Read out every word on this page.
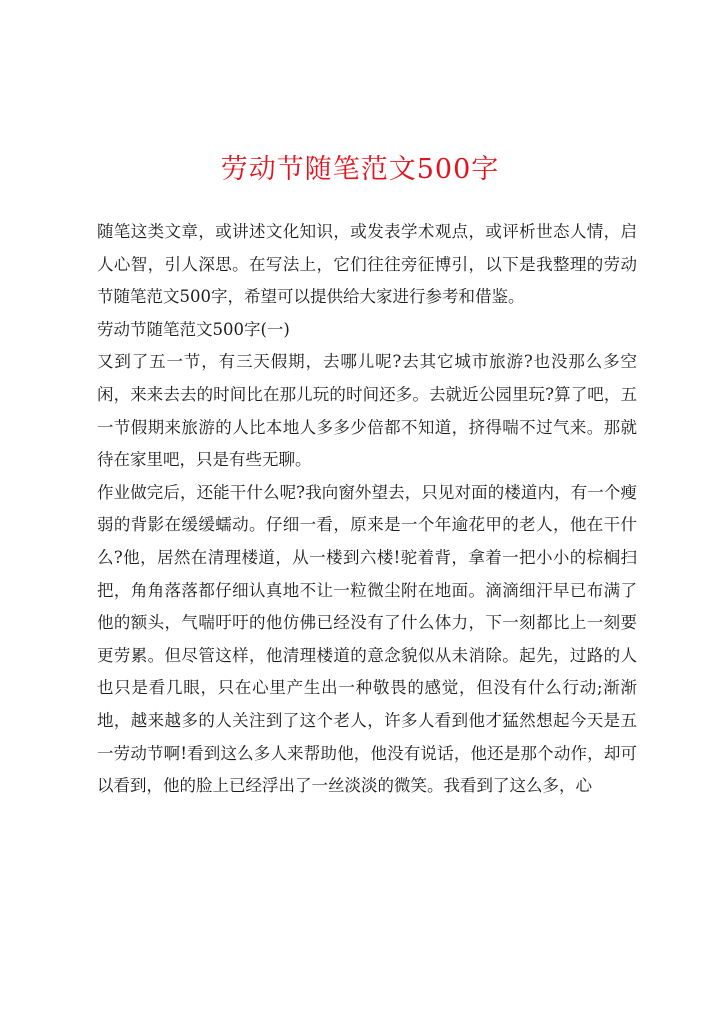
劳动节随笔范文500字

随笔这类文章，或讲述文化知识，或发表学术观点，或评析世态人情，启人心智，引人深思。在写法上，它们往往旁征博引，以下是我整理的劳动节随笔范文500字，希望可以提供给大家进行参考和借鉴。

劳动节随笔范文500字(一)

又到了五一节，有三天假期，去哪儿呢?去其它城市旅游?也没那么多空闲，来来去去的时间比在那儿玩的时间还多。去就近公园里玩?算了吧，五一节假期来旅游的人比本地人多多少倍都不知道，挤得喘不过气来。那就待在家里吧，只是有些无聊。

作业做完后，还能干什么呢?我向窗外望去，只见对面的楼道内，有一个瘦弱的背影在缓缓蠕动。仔细一看，原来是一个年逾花甲的老人，他在干什么?他，居然在清理楼道，从一楼到六楼!驼着背，拿着一把小小的棕榈扫把，角角落落都仔细认真地不让一粒微尘附在地面。滴滴细汗早已布满了他的额头，气喘吁吁的他仿佛已经没有了什么体力，下一刻都比上一刻要更劳累。但尽管这样，他清理楼道的意念貌似从未消除。起先，过路的人也只是看几眼，只在心里产生出一种敬畏的感觉，但没有什么行动;渐渐地，越来越多的人关注到了这个老人，许多人看到他才猛然想起今天是五一劳动节啊!看到这么多人来帮助他，他没有说话，他还是那个动作，却可以看到，他的脸上已经浮出了一丝淡淡的微笑。我看到了这么多，心
